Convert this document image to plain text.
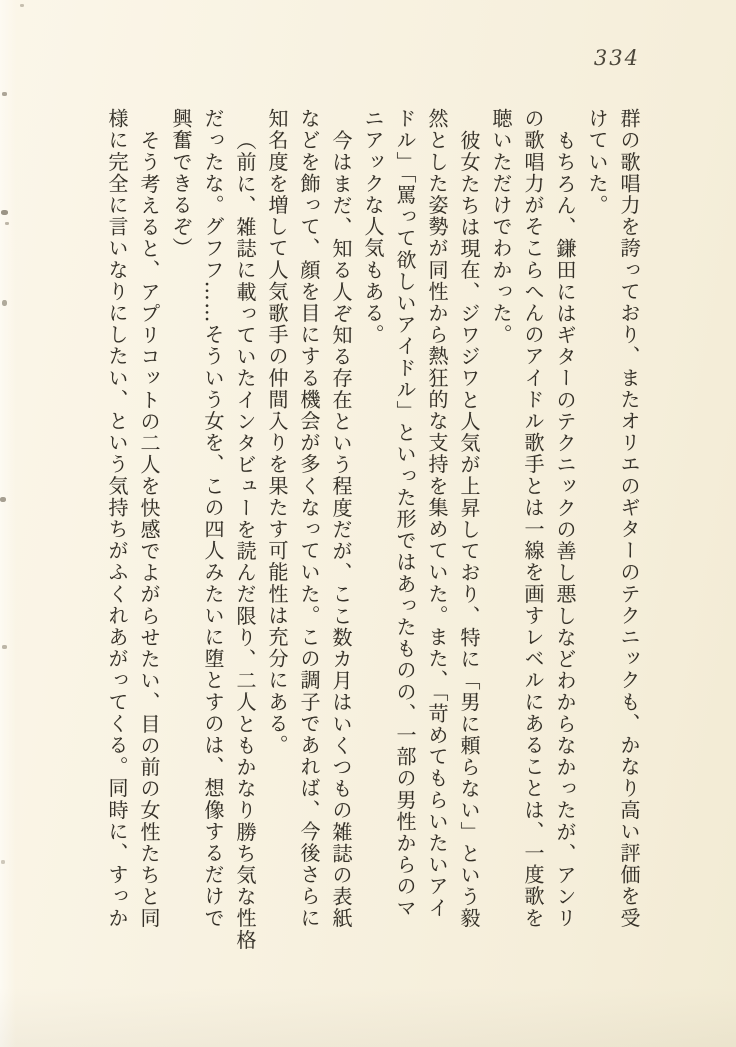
334
群の歌唱力を誇っており、またオリエのギターのテクニックも、かなり高い評価を受
けていた。
もちろん、鎌田にはギターのテクニックの善し悪しなどわからなかったが、アンリ
の歌唱力がそこらへんのアイドル歌手とは一線を画すレベルにあることは、一度歌を
聴いただけでわかった。
彼女たちは現在、ジワジワと人気が上昇しており、特に「男に頼らない」という毅
然とした姿勢が同性から熱狂的な支持を集めていた。また、「苛めてもらいたいアイ
ドル」「罵って欲しいアイドル」といった形ではあったものの、一部の男性からのマ
ニアックな人気もある。
今はまだ、知る人ぞ知る存在という程度だが、ここ数カ月はいくつもの雑誌の表紙
などを飾って、顔を目にする機会が多くなっていた。この調子であれば、今後さらに
知名度を増して人気歌手の仲間入りを果たす可能性は充分にある。
（前に、雑誌に載っていたインタビューを読んだ限り、二人ともかなり勝ち気な性格
だったな。グフフ……そういう女を、この四人みたいに堕とすのは、想像するだけで
興奮できるぞ）
そう考えると、アプリコットの二人を快感でよがらせたい、目の前の女性たちと同
様に完全に言いなりにしたい、という気持ちがふくれあがってくる。同時に、すっか
